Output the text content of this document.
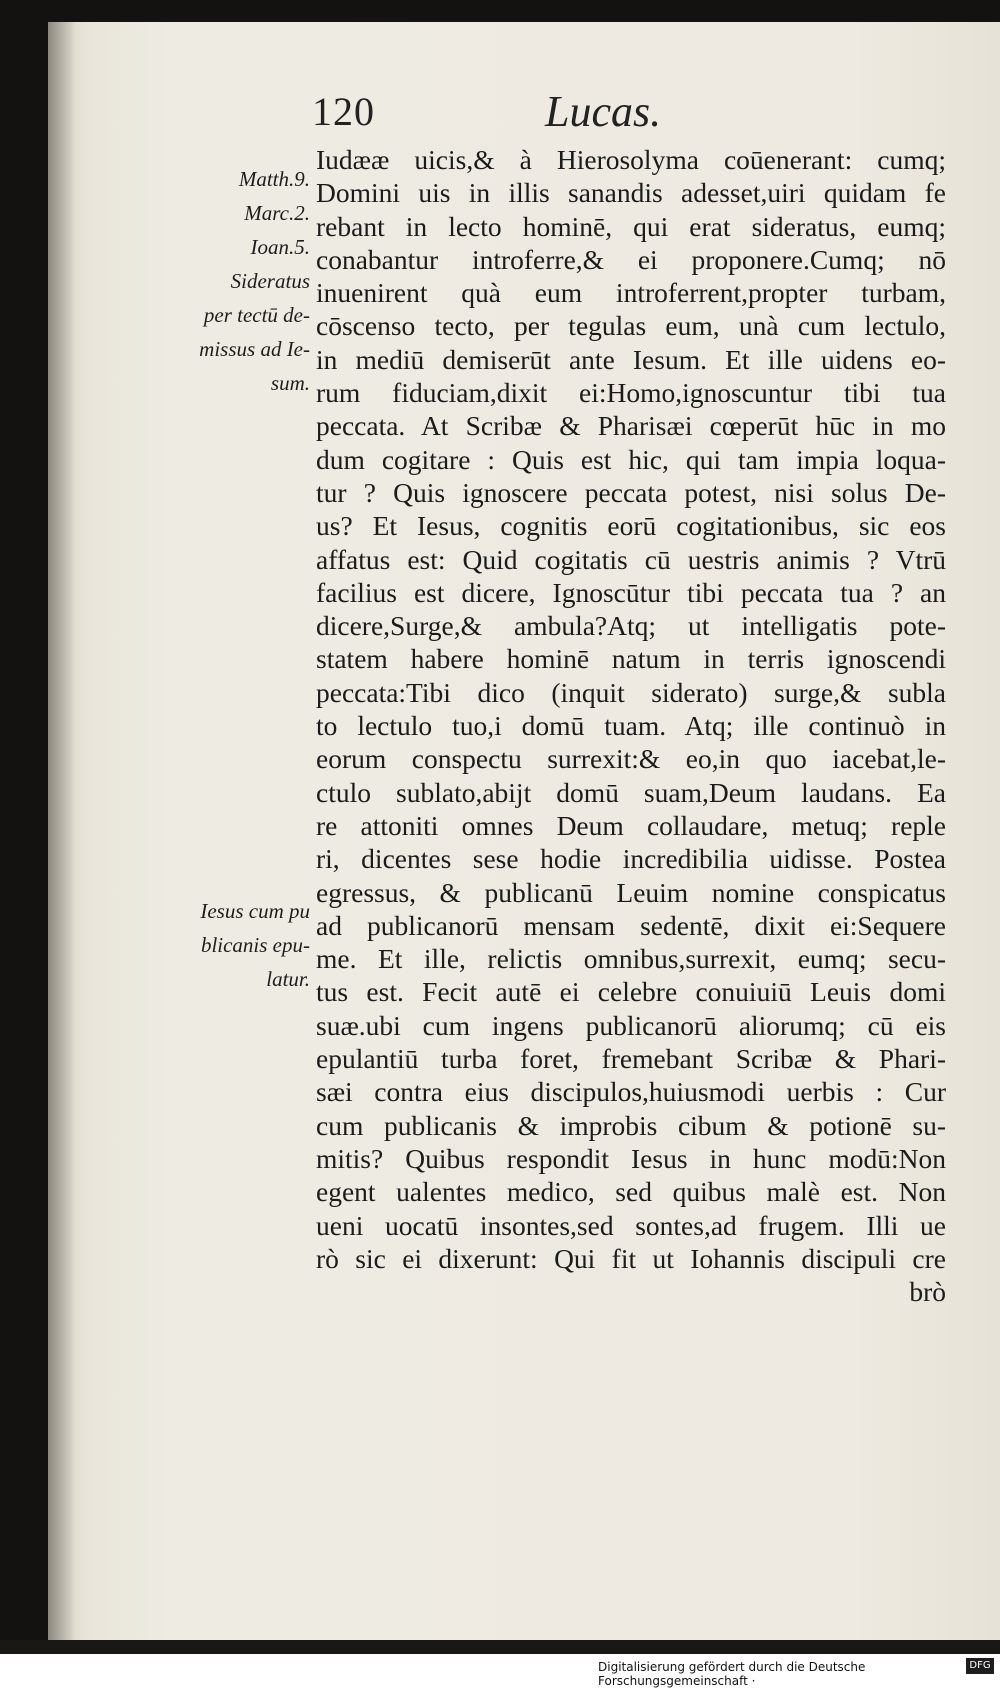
120	Lucas.
Matth.9.
Marc.2.
Ioan.5.
Sideratus
per tectū de-
missus ad Ie-
sum.
Iesus cum pu
blicanis epu-
latur.
Iudææ uicis,& à Hierosolyma coūenerant: cumq;
Domini uis in illis sanandis adesset,uiri quidam fe
rebant in lecto hominē, qui erat sideratus, eumq;
conabantur introferre,& ei proponere.Cumq; nō
inuenirent quà eum introferrent,propter turbam,
cōscenso tecto, per tegulas eum, unà cum lectulo,
in mediū demiserūt ante Iesum. Et ille uidens eo-
rum fiduciam,dixit ei:Homo,ignoscuntur tibi tua
peccata. At Scribæ & Pharisæi cœperūt hūc in mo
dum cogitare : Quis est hic, qui tam impia loqua-
tur ? Quis ignoscere peccata potest, nisi solus De-
us? Et Iesus, cognitis eorū cogitationibus, sic eos
affatus est: Quid cogitatis cū uestris animis ? Vtrū
facilius est dicere, Ignoscūtur tibi peccata tua ? an
dicere,Surge,& ambula?Atq; ut intelligatis pote-
statem habere hominē natum in terris ignoscendi
peccata:Tibi dico (inquit siderato) surge,& subla
to lectulo tuo,i domū tuam. Atq; ille continuò in
eorum conspectu surrexit:& eo,in quo iacebat,le-
ctulo sublato,abijt domū suam,Deum laudans. Ea
re attoniti omnes Deum collaudare, metuq; reple
ri, dicentes sese hodie incredibilia uidisse. Postea
egressus, & publicanū Leuim nomine conspicatus
ad publicanorū mensam sedentē, dixit ei:Sequere
me. Et ille, relictis omnibus,surrexit, eumq; secu-
tus est. Fecit autē ei celebre conuiuiū Leuis domi
suæ.ubi cum ingens publicanorū aliorumq; cū eis
epulantiū turba foret, fremebant Scribæ & Phari-
sæi contra eius discipulos,huiusmodi uerbis : Cur
cum publicanis & improbis cibum & potionē su-
mitis? Quibus respondit Iesus in hunc modū:Non
egent ualentes medico, sed quibus malè est. Non
ueni uocatū insontes,sed sontes,ad frugem. Illi ue
rò sic ei dixerunt: Qui fit ut Iohannis discipuli cre
brò
Digitalisierung gefördert durch die Deutsche Forschungsgemeinschaft ·
DFG
